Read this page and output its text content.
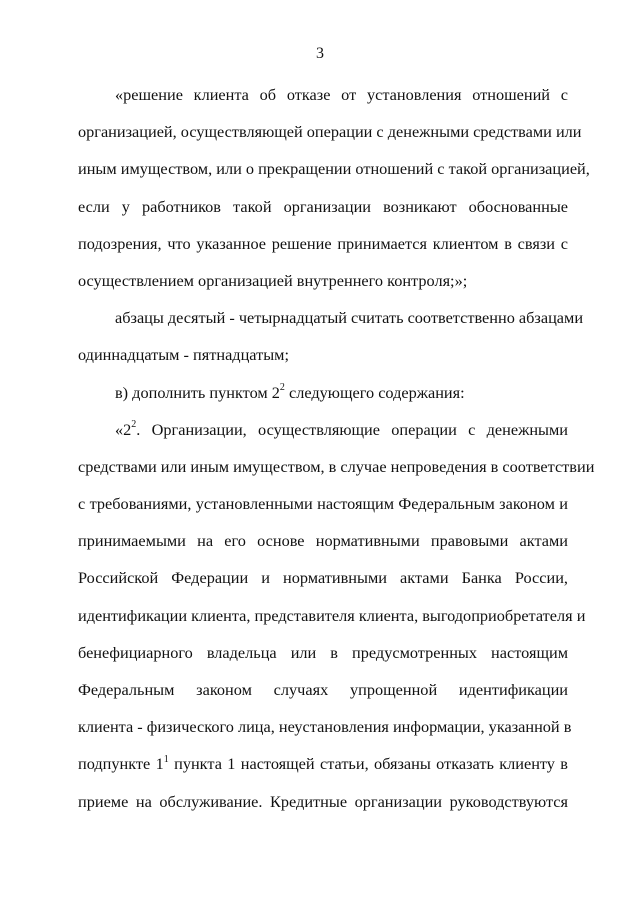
3
«решение клиента об отказе от установления отношений с
организацией, осуществляющей операции с денежными средствами или
иным имуществом, или о прекращении отношений с такой организацией,
если у работников такой организации возникают обоснованные
подозрения, что указанное решение принимается клиентом в связи с
осуществлением организацией внутреннего контроля;»;
абзацы десятый - четырнадцатый считать соответственно абзацами
одиннадцатым - пятнадцатым;
в) дополнить пунктом $2^2$ следующего содержания:
«$2^2$. Организации, осуществляющие операции с денежными
средствами или иным имуществом, в случае непроведения в соответствии
с требованиями, установленными настоящим Федеральным законом и
принимаемыми на его основе нормативными правовыми актами
Российской Федерации и нормативными актами Банка России,
идентификации клиента, представителя клиента, выгодоприобретателя и
бенефициарного владельца или в предусмотренных настоящим
Федеральным законом случаях упрощенной идентификации
клиента - физического лица, неустановления информации, указанной в
подпункте $1^1$ пункта 1 настоящей статьи, обязаны отказать клиенту в
приеме на обслуживание. Кредитные организации руководствуются
